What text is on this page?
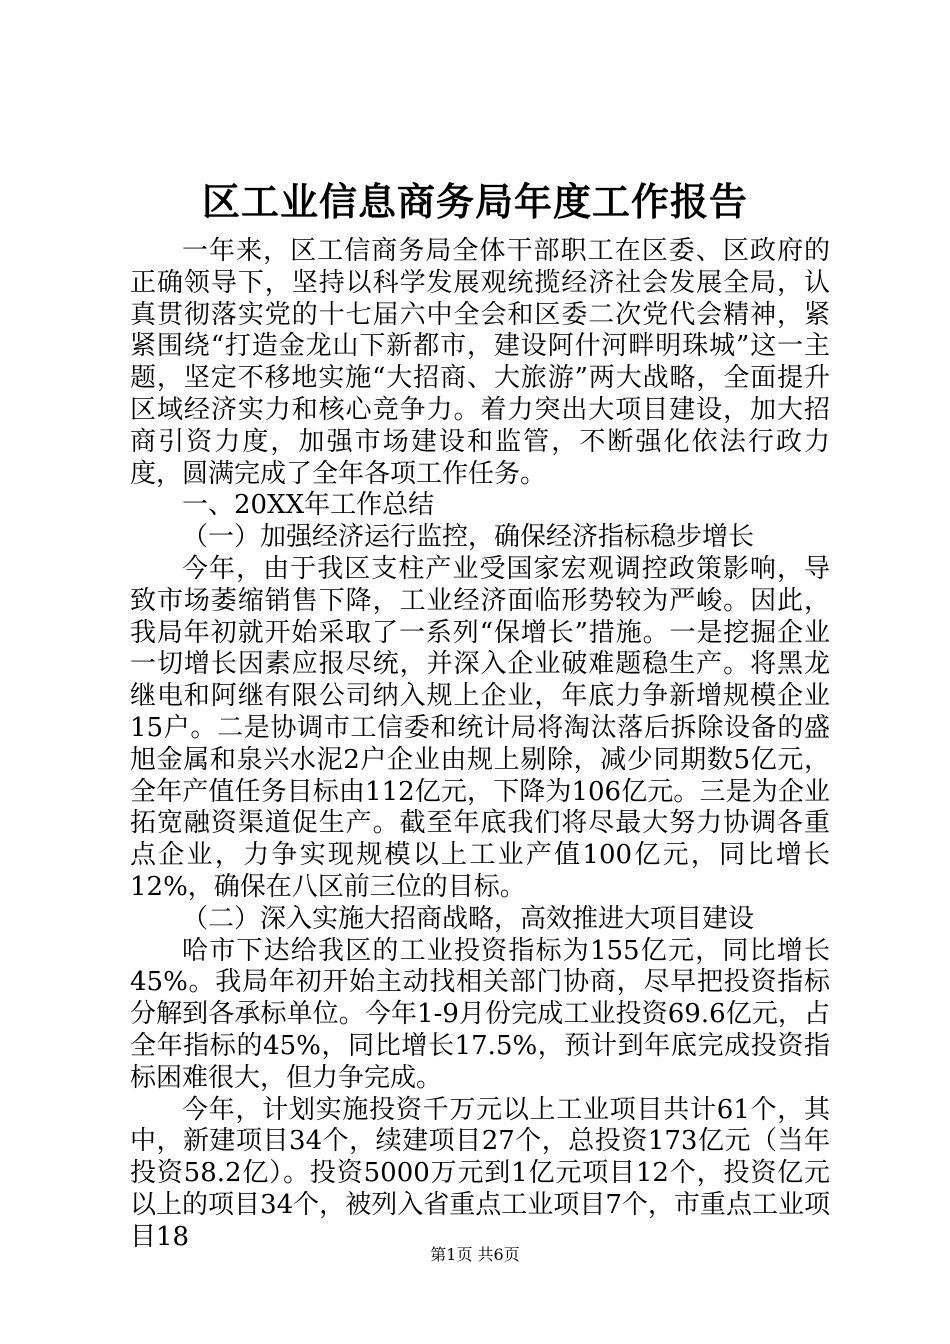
区工业信息商务局年度工作报告

一年来，区工信商务局全体干部职工在区委、区政府的正确领导下，坚持以科学发展观统揽经济社会发展全局，认真贯彻落实党的十七届六中全会和区委二次党代会精神，紧紧围绕“打造金龙山下新都市，建设阿什河畔明珠城”这一主题，坚定不移地实施“大招商、大旅游”两大战略，全面提升区域经济实力和核心竞争力。着力突出大项目建设，加大招商引资力度，加强市场建设和监管，不断强化依法行政力度，圆满完成了全年各项工作任务。

一、20XX年工作总结

（一）加强经济运行监控，确保经济指标稳步增长

今年，由于我区支柱产业受国家宏观调控政策影响，导致市场萎缩销售下降，工业经济面临形势较为严峻。因此，我局年初就开始采取了一系列“保增长”措施。一是挖掘企业一切增长因素应报尽统，并深入企业破难题稳生产。将黑龙继电和阿继有限公司纳入规上企业，年底力争新增规模企业15户。二是协调市工信委和统计局将淘汰落后拆除设备的盛旭金属和泉兴水泥2户企业由规上剔除，减少同期数5亿元，全年产值任务目标由112亿元，下降为106亿元。三是为企业拓宽融资渠道促生产。截至年底我们将尽最大努力协调各重点企业，力争实现规模以上工业产值100亿元，同比增长12%，确保在八区前三位的目标。

（二）深入实施大招商战略，高效推进大项目建设

哈市下达给我区的工业投资指标为155亿元，同比增长45%。我局年初开始主动找相关部门协商，尽早把投资指标分解到各承标单位。今年1-9月份完成工业投资69.6亿元，占全年指标的45%，同比增长17.5%，预计到年底完成投资指标困难很大，但力争完成。

今年，计划实施投资千万元以上工业项目共计61个，其中，新建项目34个，续建项目27个，总投资173亿元（当年投资58.2亿）。投资5000万元到1亿元项目12个，投资亿元以上的项目34个，被列入省重点工业项目7个，市重点工业项目18

第1页 共6页
